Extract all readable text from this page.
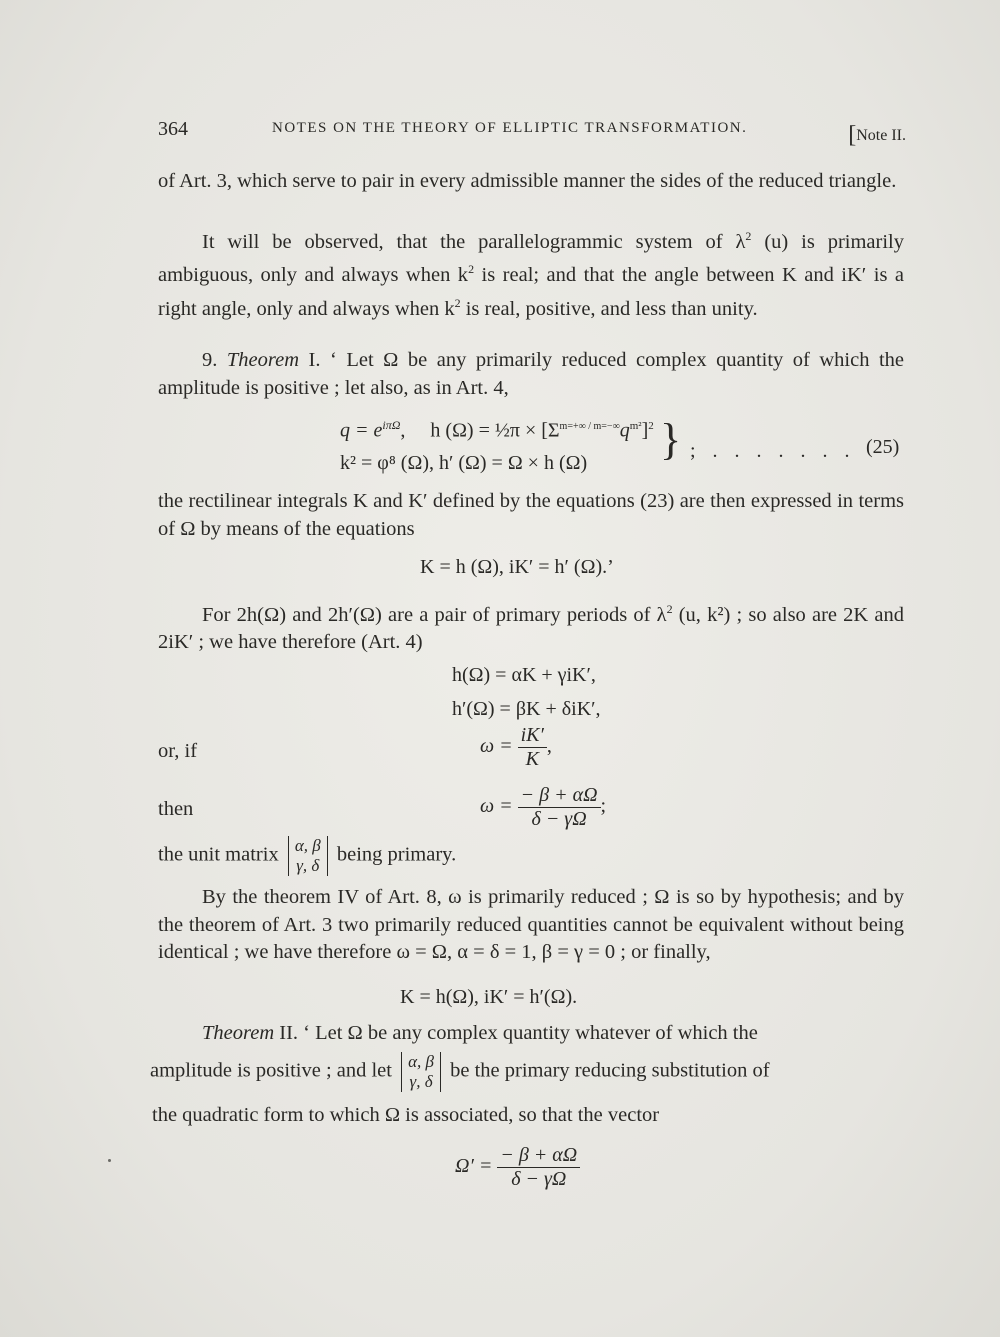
364	NOTES ON THE THEORY OF ELLIPTIC TRANSFORMATION.	[Note II.
of Art. 3, which serve to pair in every admissible manner the sides of the reduced triangle.
It will be observed, that the parallelogrammic system of $\lambda^2$ (u) is primarily ambiguous, only and always when $k^2$ is real; and that the angle between K and iK′ is a right angle, only and always when $k^2$ is real, positive, and less than unity.
9. Theorem I. ‘ Let Ω be any primarily reduced complex quantity of which the amplitude is positive ; let also, as in Art. 4,
$q = e^{i\pi\Omega}$,     h (Ω) = ½π × $[\Sigma^{m=+\infty / m=-\infty}q^{m^2}]^2$
k² = φ⁸ (Ω), h′ (Ω) = Ω × h (Ω) } ; . . . . . . . (25)
the rectilinear integrals K and K′ defined by the equations (23) are then expressed in terms of Ω by means of the equations
K = h (Ω), iK′ = h′ (Ω).’
For 2h(Ω) and 2h′(Ω) are a pair of primary periods of $\lambda^2$ (u, k²) ; so also are 2K and 2iK′ ; we have therefore (Art. 4)
h(Ω) = αK + γiK′,
h′(Ω) = βK + δiK′,
or, if	$\omega = \frac{iK'}{K}$ ,
then	$\omega = \frac{- \beta + \alpha\Omega}{\delta - \gamma\Omega}$ ;
the unit matrix α, β
γ, δ being primary.
By the theorem IV of Art. 8, ω is primarily reduced ; Ω is so by hypothesis; and by the theorem of Art. 3 two primarily reduced quantities cannot be equivalent without being identical ; we have therefore ω = Ω, α = δ = 1, β = γ = 0 ; or finally,
K = h(Ω), iK′ = h′(Ω).
Theorem II. ‘ Let Ω be any complex quantity whatever of which the
amplitude is positive ; and let α, β
γ, δ be the primary reducing substitution of
the quadratic form to which Ω is associated, so that the vector
$\Omega' = \frac{- \beta + \alpha\Omega}{\delta - \gamma\Omega}$
